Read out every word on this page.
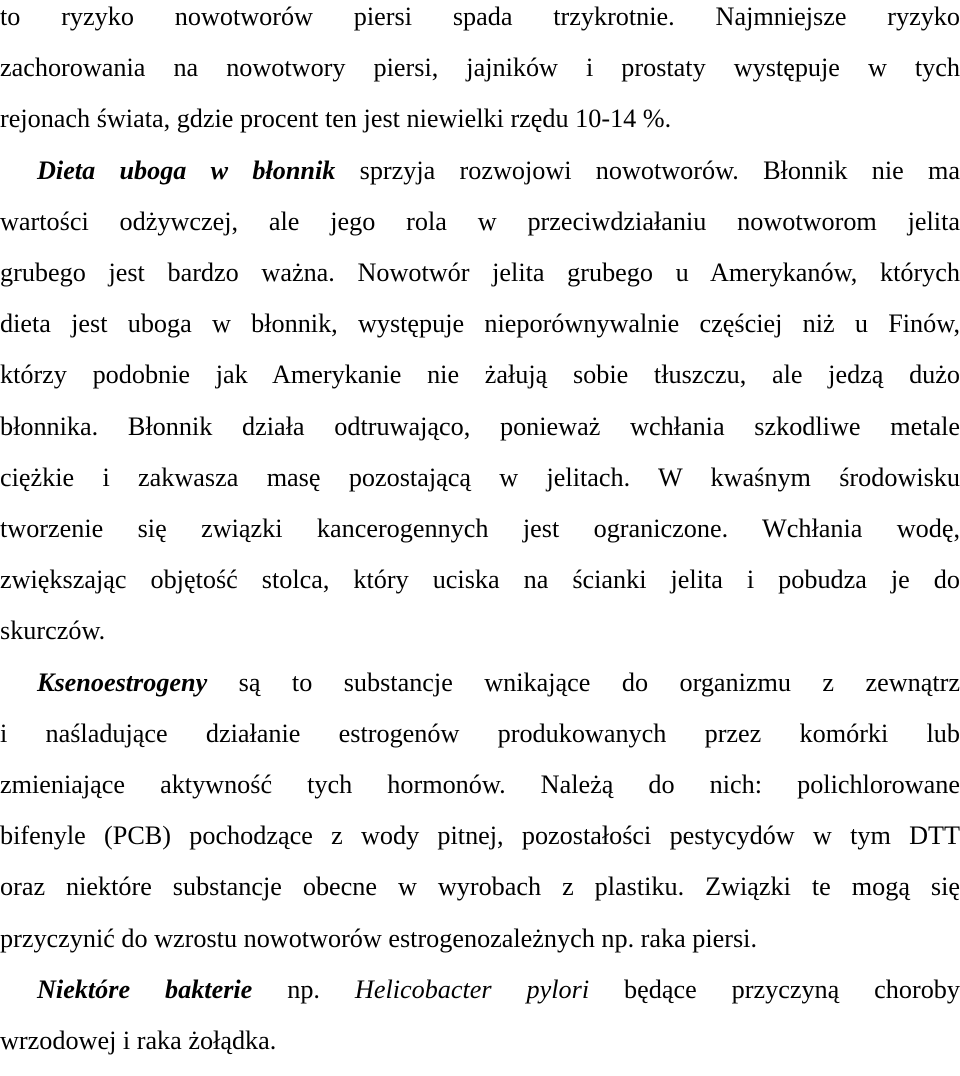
to ryzyko nowotworów piersi spada trzykrotnie. Najmniejsze ryzyko
zachorowania na nowotwory piersi, jajników i prostaty występuje w tych
rejonach świata, gdzie procent ten jest niewielki rzędu 10-14 %.
Dieta uboga w błonnik sprzyja rozwojowi nowotworów. Błonnik nie ma
wartości odżywczej, ale jego rola w przeciwdziałaniu nowotworom jelita
grubego jest bardzo ważna. Nowotwór jelita grubego u Amerykanów, których
dieta jest uboga w błonnik, występuje nieporównywalnie częściej niż u Finów,
którzy podobnie jak Amerykanie nie żałują sobie tłuszczu, ale jedzą dużo
błonnika. Błonnik działa odtruwająco, ponieważ wchłania szkodliwe metale
ciężkie i zakwasza masę pozostającą w jelitach. W kwaśnym środowisku
tworzenie się związki kancerogennych jest ograniczone. Wchłania wodę,
zwiększając objętość stolca, który uciska na ścianki jelita i pobudza je do
skurczów.
Ksenoestrogeny są to substancje wnikające do organizmu z zewnątrz
i naśladujące działanie estrogenów produkowanych przez komórki lub
zmieniające aktywność tych hormonów. Należą do nich: polichlorowane
bifenyle (PCB) pochodzące z wody pitnej, pozostałości pestycydów w tym DTT
oraz niektóre substancje obecne w wyrobach z plastiku. Związki te mogą się
przyczynić do wzrostu nowotworów estrogenozależnych np. raka piersi.
Niektóre bakterie np. Helicobacter pylori będące przyczyną choroby
wrzodowej i raka żołądka.
